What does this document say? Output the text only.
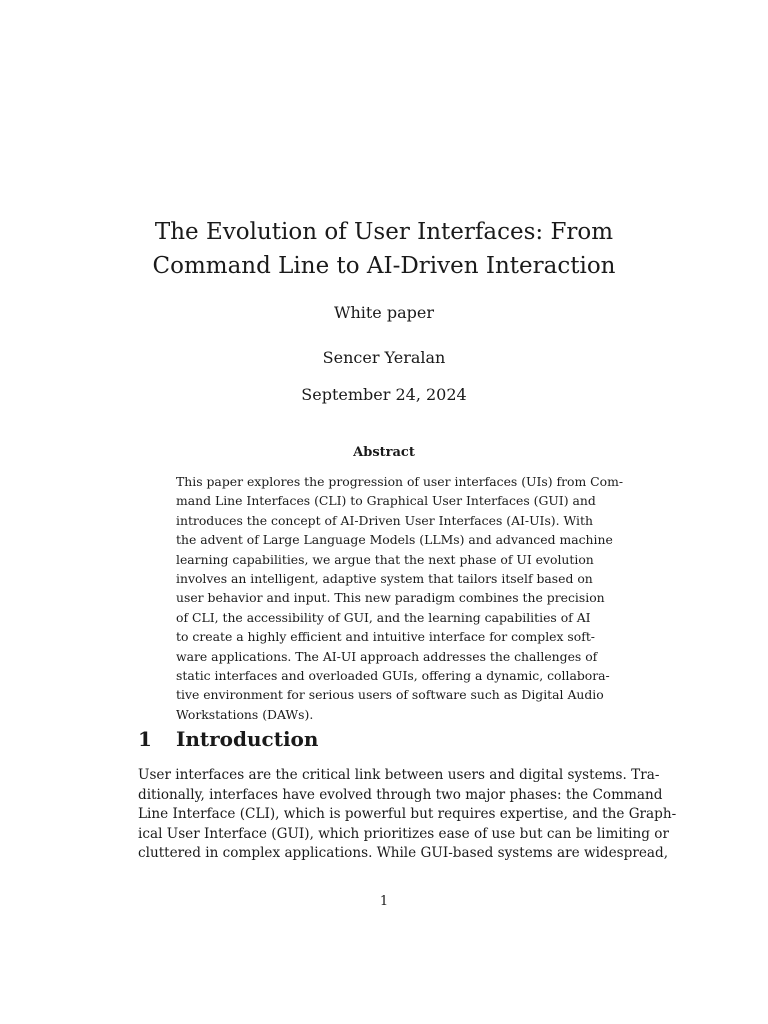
The Evolution of User Interfaces: From
Command Line to AI-Driven Interaction
White paper
Sencer Yeralan
September 24, 2024
Abstract
This paper explores the progression of user interfaces (UIs) from Com-
mand Line Interfaces (CLI) to Graphical User Interfaces (GUI) and
introduces the concept of AI-Driven User Interfaces (AI-UIs). With
the advent of Large Language Models (LLMs) and advanced machine
learning capabilities, we argue that the next phase of UI evolution
involves an intelligent, adaptive system that tailors itself based on
user behavior and input. This new paradigm combines the precision
of CLI, the accessibility of GUI, and the learning capabilities of AI
to create a highly efficient and intuitive interface for complex soft-
ware applications. The AI-UI approach addresses the challenges of
static interfaces and overloaded GUIs, offering a dynamic, collabora-
tive environment for serious users of software such as Digital Audio
Workstations (DAWs).
1 Introduction
User interfaces are the critical link between users and digital systems. Tra-
ditionally, interfaces have evolved through two major phases: the Command
Line Interface (CLI), which is powerful but requires expertise, and the Graph-
ical User Interface (GUI), which prioritizes ease of use but can be limiting or
cluttered in complex applications. While GUI-based systems are widespread,
1
